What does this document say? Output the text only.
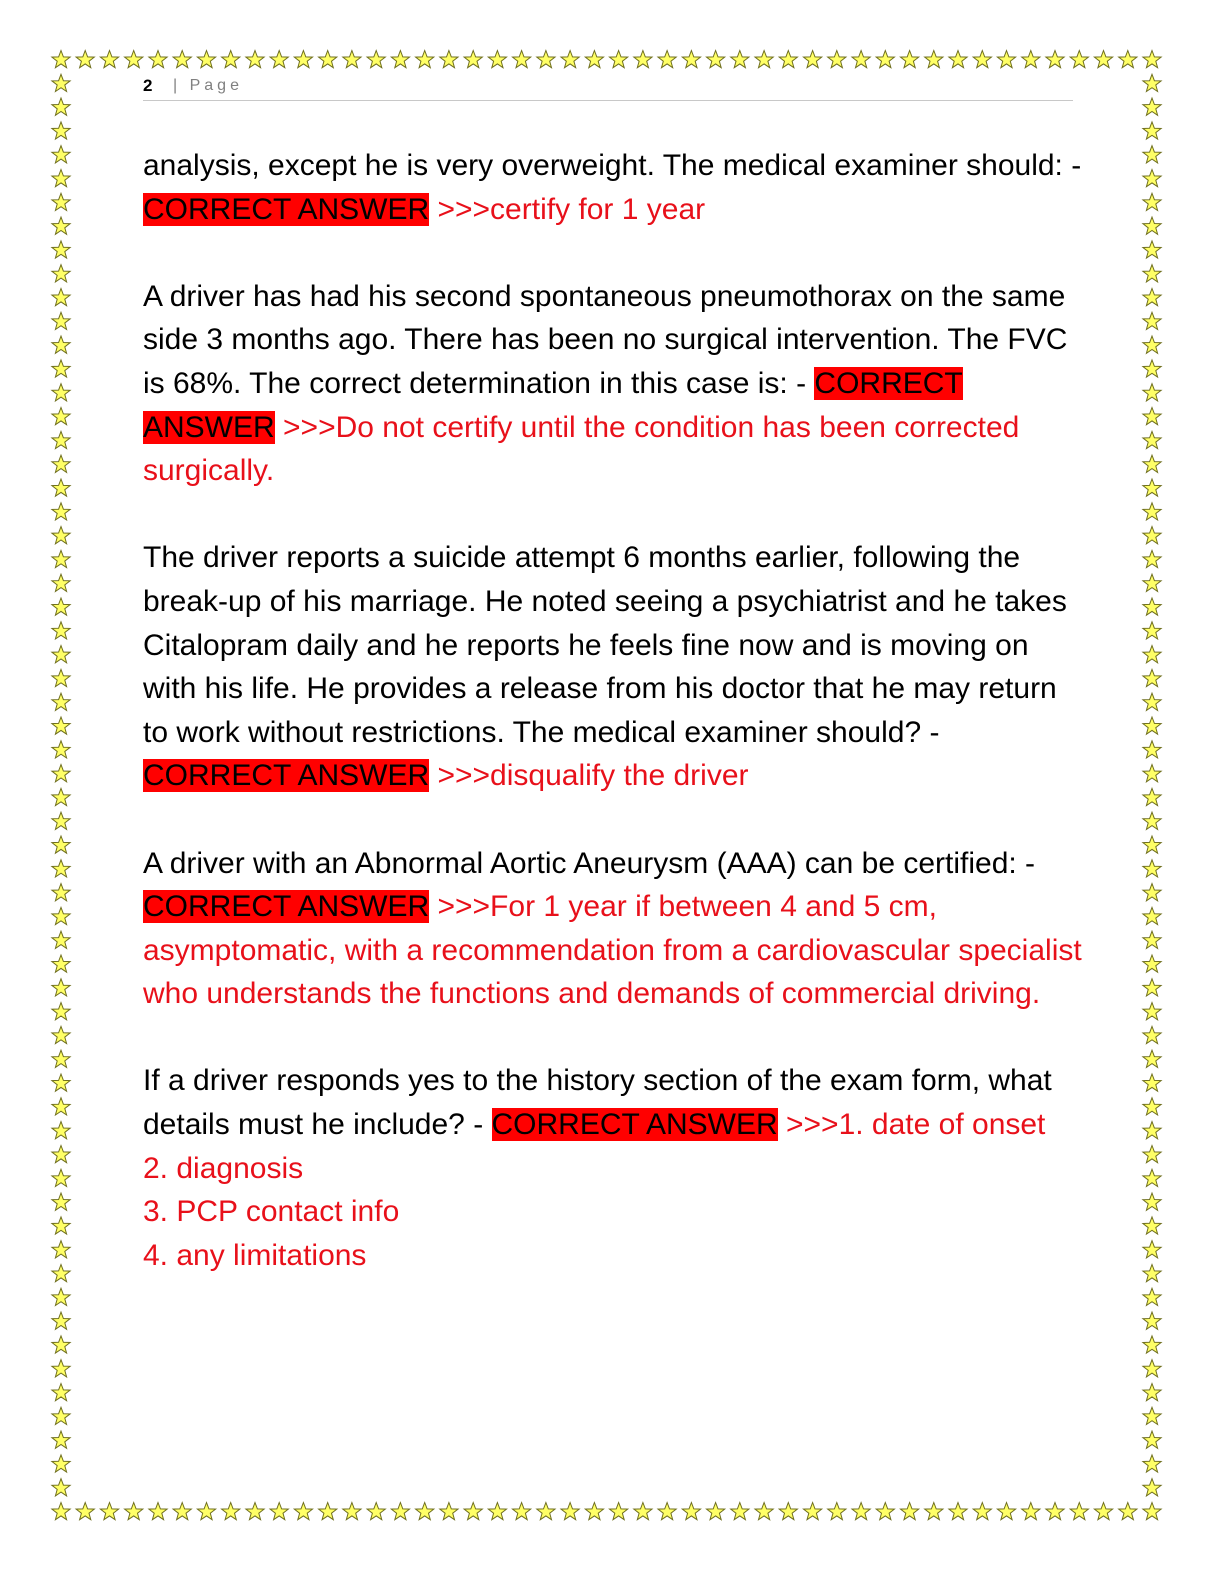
2 | Page

analysis, except he is very overweight. The medical examiner should: - CORRECT ANSWER >>>certify for 1 year

A driver has had his second spontaneous pneumothorax on the same side 3 months ago. There has been no surgical intervention. The FVC is 68%. The correct determination in this case is: - CORRECT ANSWER >>>Do not certify until the condition has been corrected surgically.

The driver reports a suicide attempt 6 months earlier, following the break-up of his marriage. He noted seeing a psychiatrist and he takes Citalopram daily and he reports he feels fine now and is moving on with his life. He provides a release from his doctor that he may return to work without restrictions. The medical examiner should? - CORRECT ANSWER >>>disqualify the driver

A driver with an Abnormal Aortic Aneurysm (AAA) can be certified: - CORRECT ANSWER >>>For 1 year if between 4 and 5 cm, asymptomatic, with a recommendation from a cardiovascular specialist who understands the functions and demands of commercial driving.

If a driver responds yes to the history section of the exam form, what details must he include? - CORRECT ANSWER >>>1. date of onset
2. diagnosis
3. PCP contact info
4. any limitations
